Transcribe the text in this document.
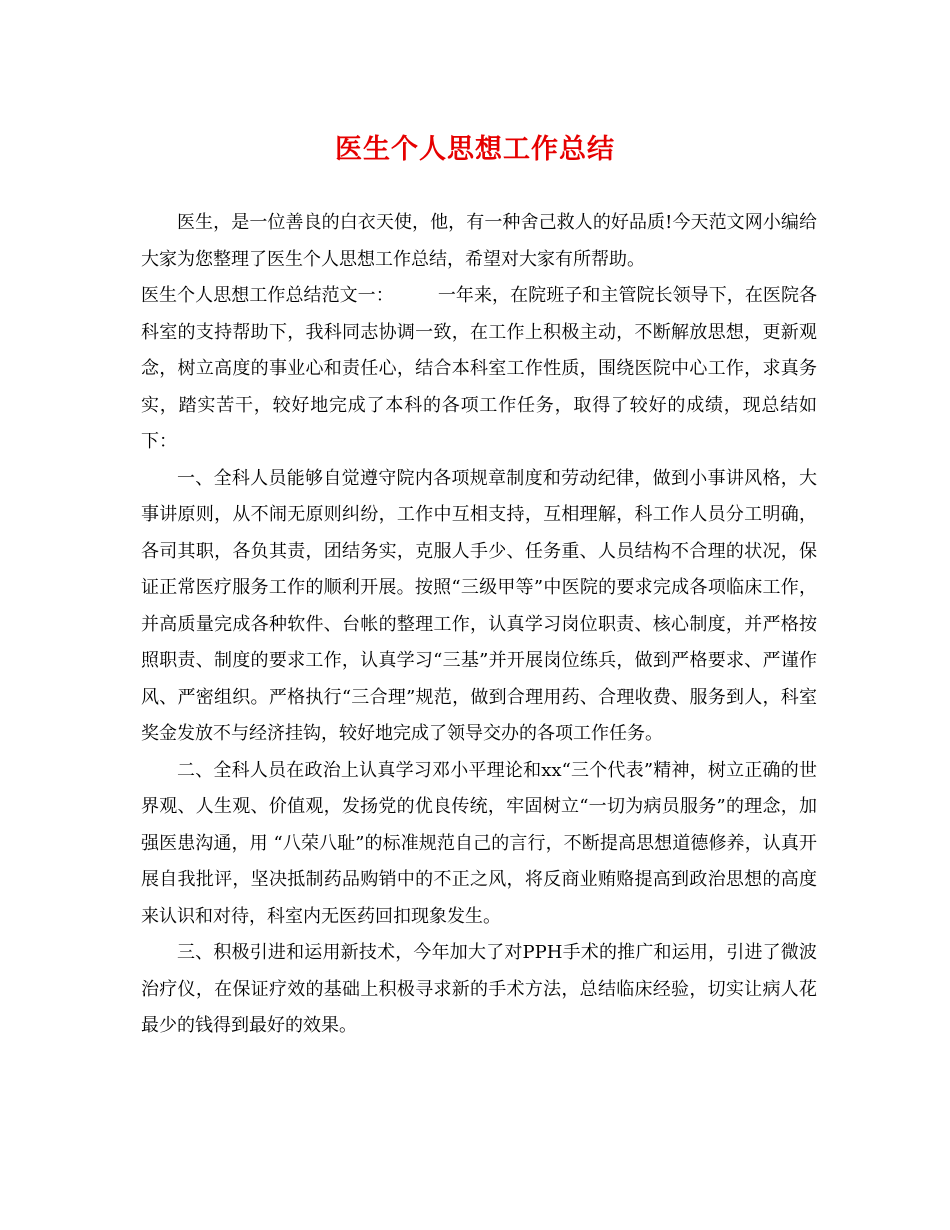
医生个人思想工作总结

医生，是一位善良的白衣天使，他，有一种舍己救人的好品质!今天范文网小编给大家为您整理了医生个人思想工作总结，希望对大家有所帮助。

医生个人思想工作总结范文一： 一年来，在院班子和主管院长领导下，在医院各科室的支持帮助下，我科同志协调一致，在工作上积极主动，不断解放思想，更新观念，树立高度的事业心和责任心，结合本科室工作性质，围绕医院中心工作，求真务实，踏实苦干，较好地完成了本科的各项工作任务，取得了较好的成绩，现总结如下：

一、全科人员能够自觉遵守院内各项规章制度和劳动纪律，做到小事讲风格，大事讲原则，从不闹无原则纠纷，工作中互相支持，互相理解，科工作人员分工明确，各司其职，各负其责，团结务实，克服人手少、任务重、人员结构不合理的状况，保证正常医疗服务工作的顺利开展。按照“三级甲等”中医院的要求完成各项临床工作，并高质量完成各种软件、台帐的整理工作，认真学习岗位职责、核心制度，并严格按照职责、制度的要求工作，认真学习“三基”并开展岗位练兵，做到严格要求、严谨作风、严密组织。严格执行“三合理”规范，做到合理用药、合理收费、服务到人，科室奖金发放不与经济挂钩，较好地完成了领导交办的各项工作任务。

二、全科人员在政治上认真学习邓小平理论和xx“三个代表”精神，树立正确的世界观、人生观、价值观，发扬党的优良传统，牢固树立“一切为病员服务”的理念，加强医患沟通，用 “八荣八耻”的标准规范自己的言行，不断提高思想道德修养，认真开展自我批评，坚决抵制药品购销中的不正之风，将反商业贿赂提高到政治思想的高度来认识和对待，科室内无医药回扣现象发生。

三、积极引进和运用新技术，今年加大了对PPH手术的推广和运用，引进了微波治疗仪，在保证疗效的基础上积极寻求新的手术方法，总结临床经验，切实让病人花最少的钱得到最好的效果。
